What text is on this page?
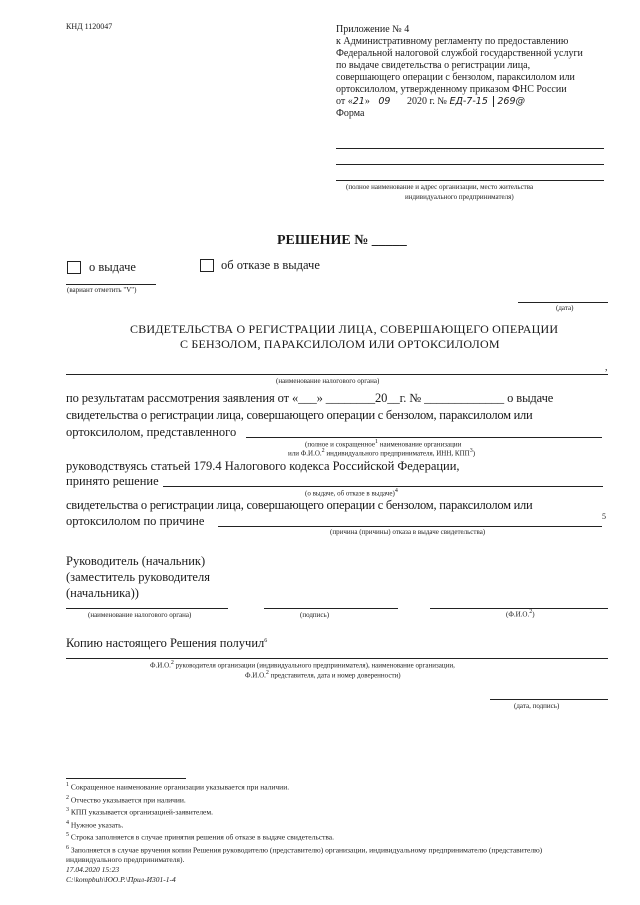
КНД 1120047	Приложение № 4
к Административному регламенту по предоставлению
Федеральной налоговой службой государственной услуги
по выдаче свидетельства о регистрации лица,
совершающего операции с бензолом, параксилолом или
ортоксилолом, утвержденному приказом ФНС России
от «21» 09 2020 г. № ЕД-7-15 269@
Форма
(полное наименование и адрес организации, место жительства
индивидуального предпринимателя)
РЕШЕНИЕ № _____
о выдаче	об отказе в выдаче
(вариант отметить "V")
(дата)
СВИДЕТЕЛЬСТВА О РЕГИСТРАЦИИ ЛИЦА, СОВЕРШАЮЩЕГО ОПЕРАЦИИ
С БЕНЗОЛОМ, ПАРАКСИЛОЛОМ ИЛИ ОРТОКСИЛОЛОМ
,
(наименование налогового органа)
по результатам рассмотрения заявления от «___» ________20__г. № _____________ о выдаче
свидетельства о регистрации лица, совершающего операции с бензолом, параксилолом или
ортоксилолом, представленного
(полное и сокращенное1 наименование организации
или Ф.И.О.2 индивидуального предпринимателя, ИНН, КПП3)
руководствуясь статьей 179.4 Налогового кодекса Российской Федерации,
принято решение
(о выдаче, об отказе в выдаче)4
свидетельства о регистрации лица, совершающего операции с бензолом, параксилолом или
ортоксилолом по причине	5
(причина (причины) отказа в выдаче свидетельства)
Руководитель (начальник)
(заместитель руководителя
(начальника))
(наименование налогового органа)	(подпись)	(Ф.И.О.2)
Копию настоящего Решения получил$^6$
Ф.И.О.2 руководителя организации (индивидуального предпринимателя), наименование организации,
Ф.И.О.2 представителя, дата и номер доверенности)
(дата, подпись)
$^1$ Сокращенное наименование организации указывается при наличии.
$^2$ Отчество указывается при наличии.
$^3$ КПП указывается организацией-заявителем.
$^4$ Нужное указать.
$^5$ Строка заполняется в случае принятия решения об отказе в выдаче свидетельства.
$^6$ Заполняется в случае вручения копии Решения руководителю (представителю) организации, индивидуальному предпринимателю (представителю)
индивидуального предпринимателя).
17.04.2020 15:23
С:\kompbuh\ЮО.Р.\Прил-И301-1-4
